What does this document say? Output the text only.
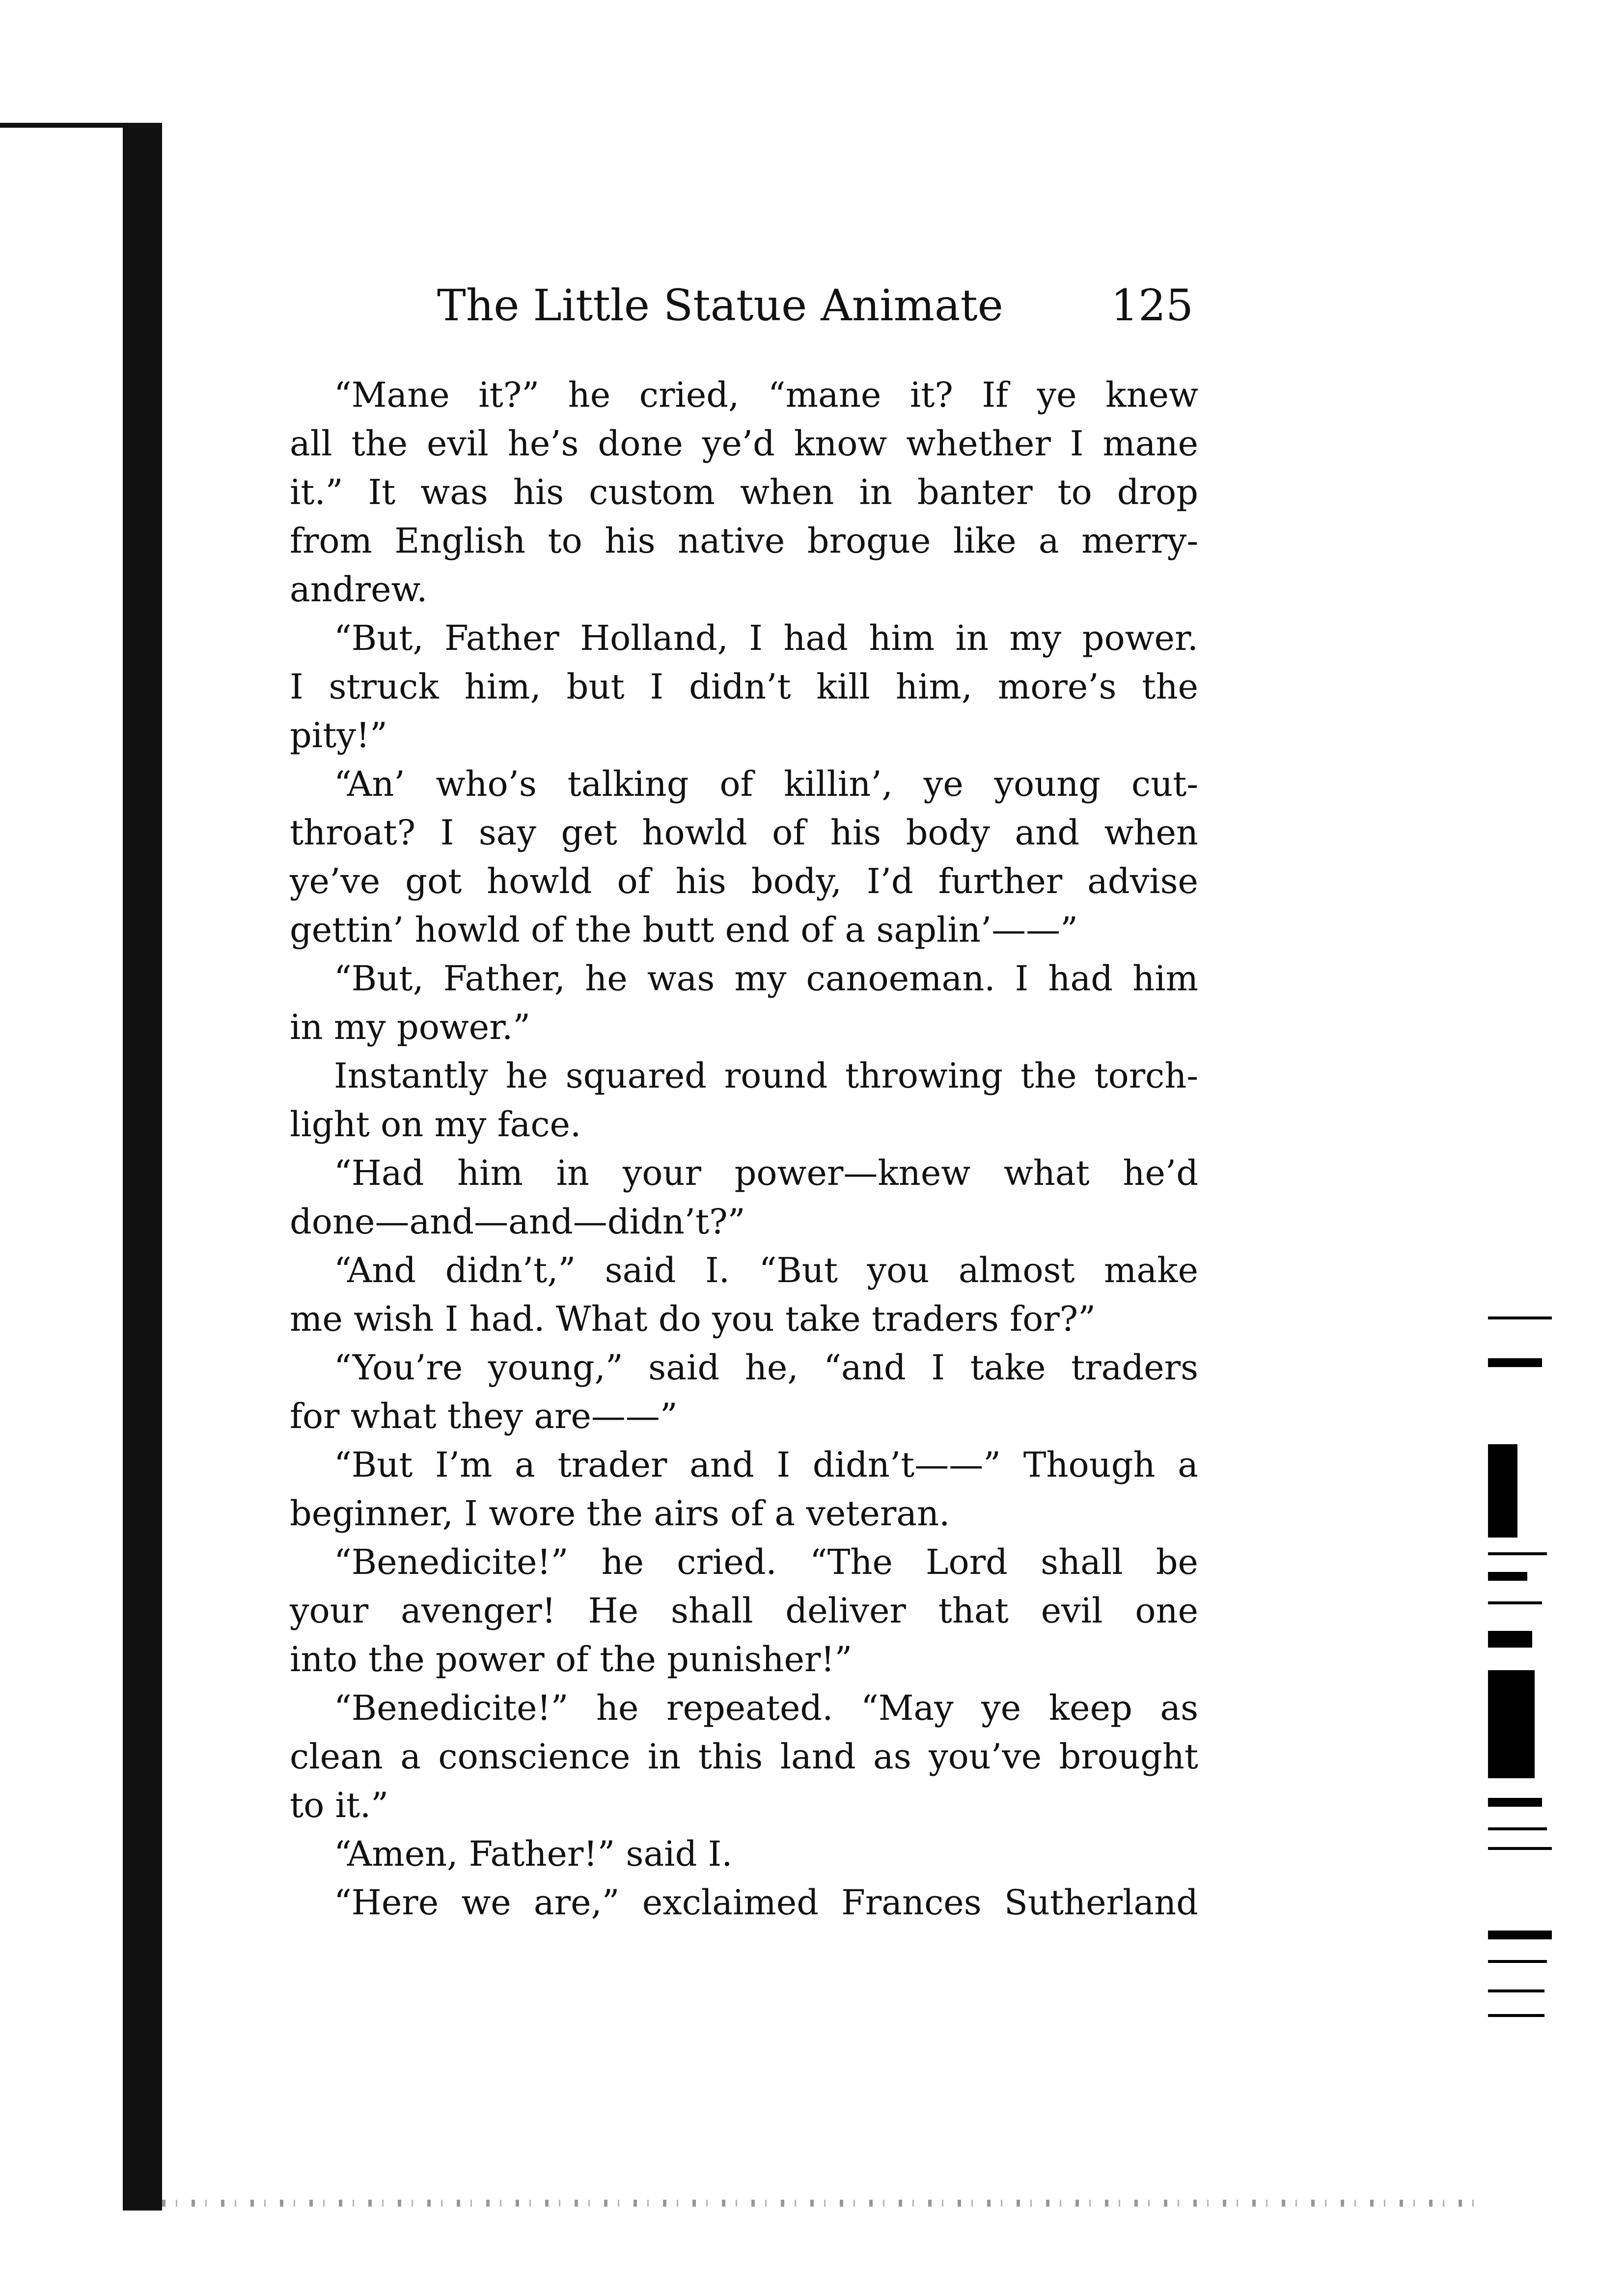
The Little Statue Animate 125
“Mane it?” he cried, “mane it? If ye knew
all the evil he’s done ye’d know whether I mane
it.” It was his custom when in banter to drop
from English to his native brogue like a merry-
andrew.
“But, Father Holland, I had him in my power.
I struck him, but I didn’t kill him, more’s the
pity!”
“An’ who’s talking of killin’, ye young cut-
throat? I say get howld of his body and when
ye’ve got howld of his body, I’d further advise
gettin’ howld of the butt end of a saplin’——”
“But, Father, he was my canoeman. I had him
in my power.”
Instantly he squared round throwing the torch-
light on my face.
“Had him in your power—knew what he’d
done—and—and—didn’t?”
“And didn’t,” said I. “But you almost make
me wish I had. What do you take traders for?”
“You’re young,” said he, “and I take traders
for what they are——”
“But I’m a trader and I didn’t——” Though a
beginner, I wore the airs of a veteran.
“Benedicite!” he cried. “The Lord shall be
your avenger! He shall deliver that evil one
into the power of the punisher!”
“Benedicite!” he repeated. “May ye keep as
clean a conscience in this land as you’ve brought
to it.”
“Amen, Father!” said I.
“Here we are,” exclaimed Frances Sutherland
